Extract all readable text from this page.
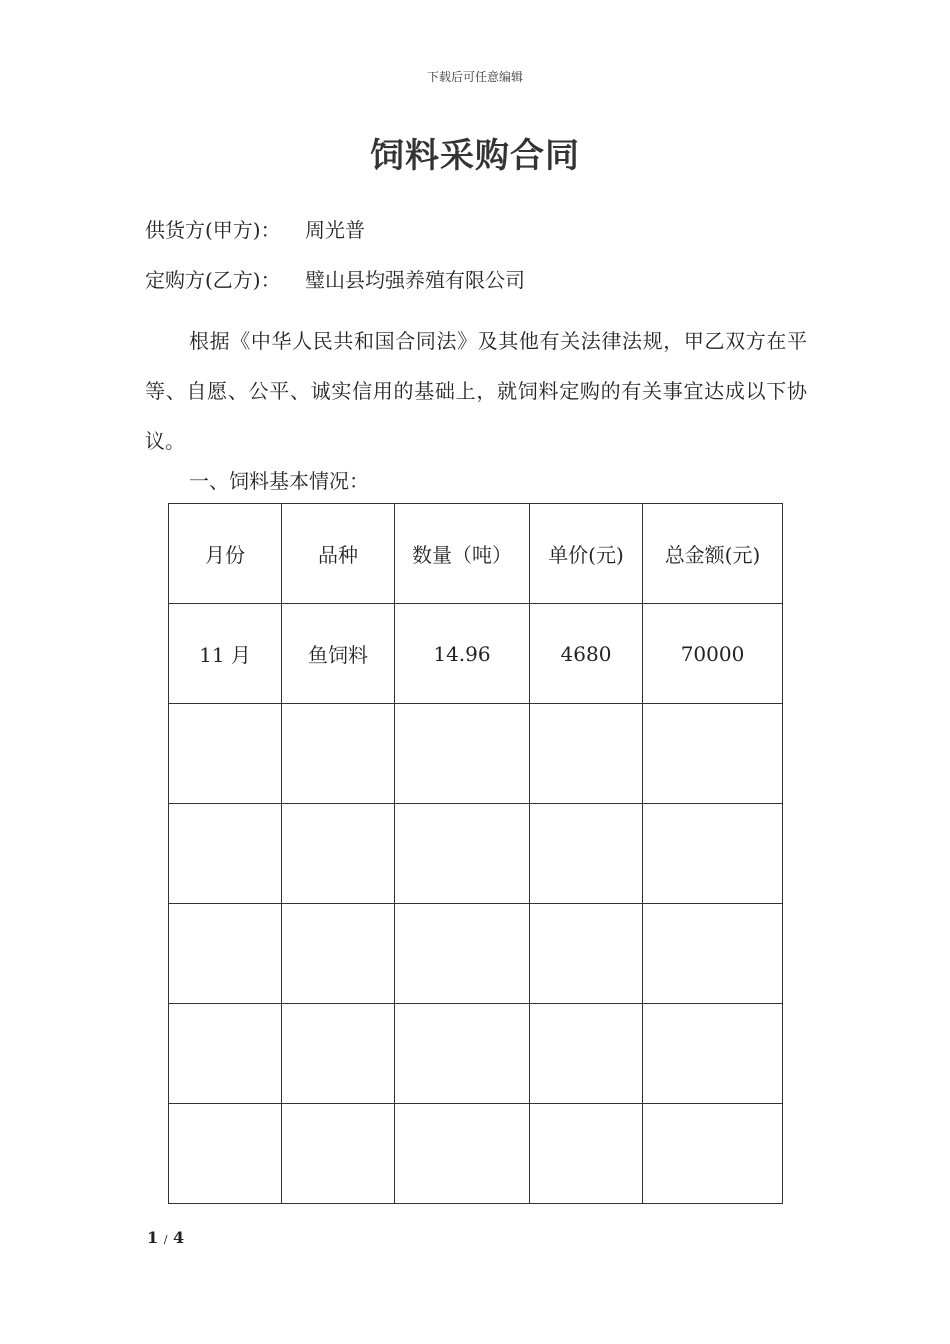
下载后可任意编辑
饲料采购合同
供货方(甲方)： 周光普
定购方(乙方)： 璧山县均强养殖有限公司

根据《中华人民共和国合同法》及其他有关法律法规，甲乙双方在平等、自愿、公平、诚实信用的基础上，就饲料定购的有关事宜达成以下协议。

一、饲料基本情况：
月份	品种	数量（吨）	单价(元)	总金额(元)
11 月	鱼饲料	14.96	4680	70000

1 / 4
